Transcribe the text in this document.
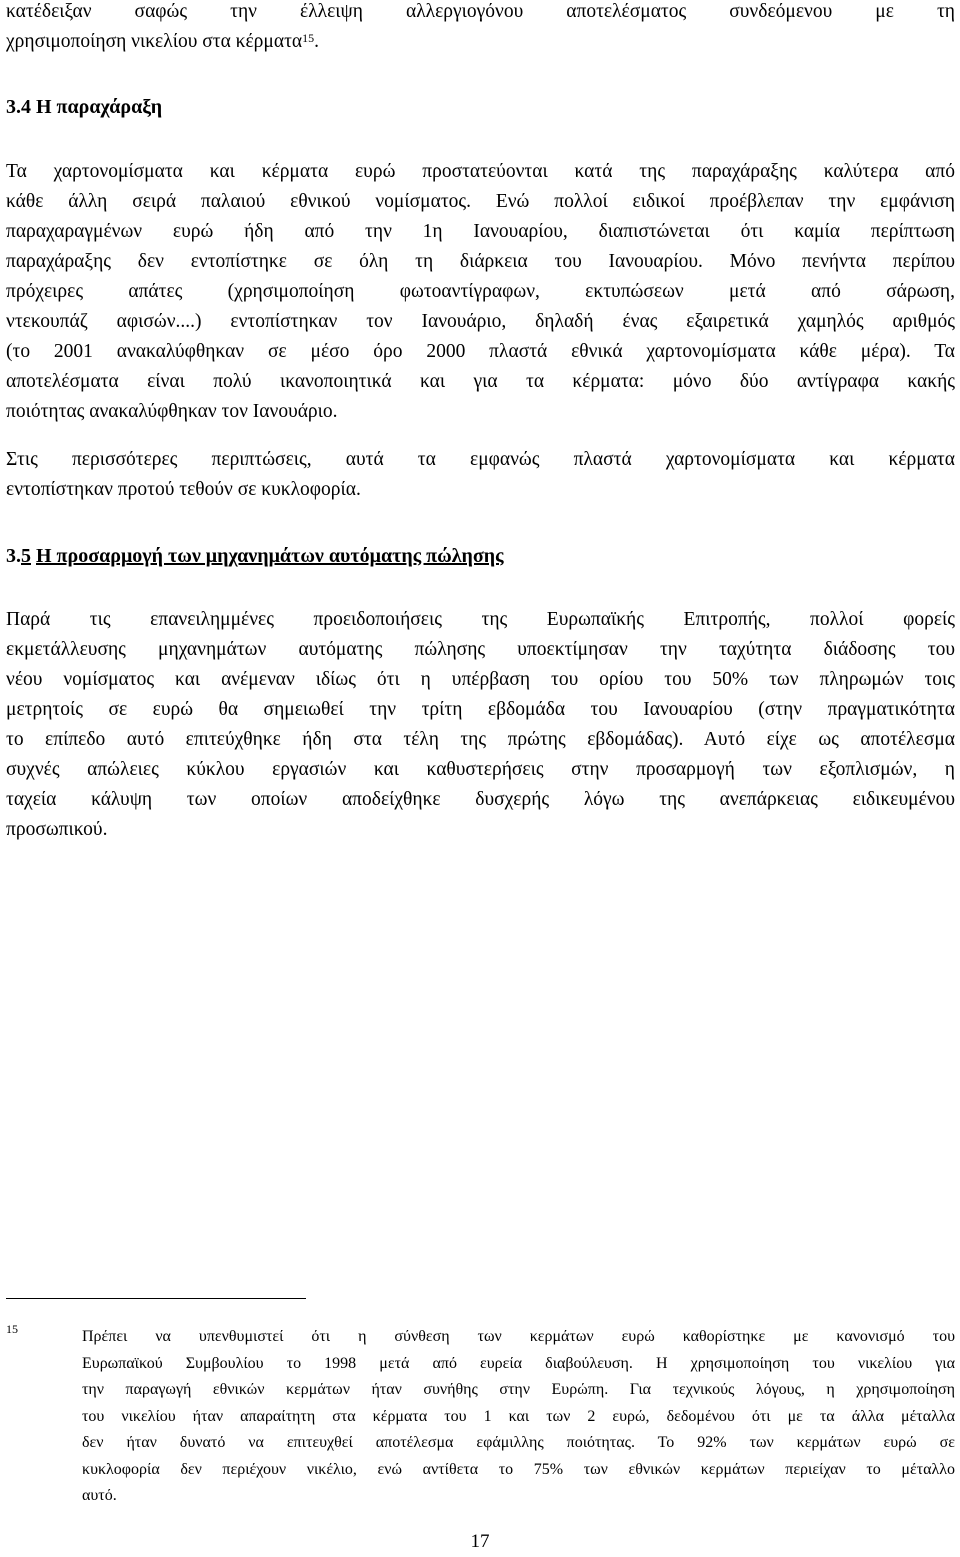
κατέδειξαν σαφώς την έλλειψη αλλεργιογόνου αποτελέσματος συνδεόμενου με τη
χρησιμοποίηση νικελίου στα κέρματα$^{15}$.

3.4 Η παραχάραξη

Τα χαρτονομίσματα και κέρματα ευρώ προστατεύονται κατά της παραχάραξης καλύτερα από
κάθε άλλη σειρά παλαιού εθνικού νομίσματος. Ενώ πολλοί ειδικοί προέβλεπαν την εμφάνιση
παραχαραγμένων ευρώ ήδη από την 1η Ιανουαρίου, διαπιστώνεται ότι καμία περίπτωση
παραχάραξης δεν εντοπίστηκε σε όλη τη διάρκεια του Ιανουαρίου. Μόνο πενήντα περίπου
πρόχειρες απάτες (χρησιμοποίηση φωτοαντίγραφων, εκτυπώσεων μετά από σάρωση,
ντεκουπάζ αφισών....) εντοπίστηκαν τον Ιανουάριο, δηλαδή ένας εξαιρετικά χαμηλός αριθμός
(το 2001 ανακαλύφθηκαν σε μέσο όρο 2000 πλαστά εθνικά χαρτονομίσματα κάθε μέρα). Τα
αποτελέσματα είναι πολύ ικανοποιητικά και για τα κέρματα: μόνο δύο αντίγραφα κακής
ποιότητας ανακαλύφθηκαν τον Ιανουάριο.

Στις περισσότερες περιπτώσεις, αυτά τα εμφανώς πλαστά χαρτονομίσματα και κέρματα
εντοπίστηκαν προτού τεθούν σε κυκλοφορία.

3.5 Η προσαρμογή των μηχανημάτων αυτόματης πώλησης

Παρά τις επανειλημμένες προειδοποιήσεις της Ευρωπαϊκής Επιτροπής, πολλοί φορείς
εκμετάλλευσης μηχανημάτων αυτόματης πώλησης υποεκτίμησαν την ταχύτητα διάδοσης του
νέου νομίσματος και ανέμεναν ιδίως ότι η υπέρβαση του ορίου του 50% των πληρωμών τοις
μετρητοίς σε ευρώ θα σημειωθεί την τρίτη εβδομάδα του Ιανουαρίου (στην πραγματικότητα
το επίπεδο αυτό επιτεύχθηκε ήδη στα τέλη της πρώτης εβδομάδας). Αυτό είχε ως αποτέλεσμα
συχνές απώλειες κύκλου εργασιών και καθυστερήσεις στην προσαρμογή των εξοπλισμών, η
ταχεία κάλυψη των οποίων αποδείχθηκε δυσχερής λόγω της ανεπάρκειας ειδικευμένου
προσωπικού.

15	Πρέπει να υπενθυμιστεί ότι η σύνθεση των κερμάτων ευρώ καθορίστηκε με κανονισμό του
Ευρωπαϊκού Συμβουλίου το 1998 μετά από ευρεία διαβούλευση. Η χρησιμοποίηση του νικελίου για
την παραγωγή εθνικών κερμάτων ήταν συνήθης στην Ευρώπη. Για τεχνικούς λόγους, η χρησιμοποίηση
του νικελίου ήταν απαραίτητη στα κέρματα του 1 και των 2 ευρώ, δεδομένου ότι με τα άλλα μέταλλα
δεν ήταν δυνατό να επιτευχθεί αποτέλεσμα εφάμιλλης ποιότητας. Το 92% των κερμάτων ευρώ σε
κυκλοφορία δεν περιέχουν νικέλιο, ενώ αντίθετα το 75% των εθνικών κερμάτων περιείχαν το μέταλλο
αυτό.

17
